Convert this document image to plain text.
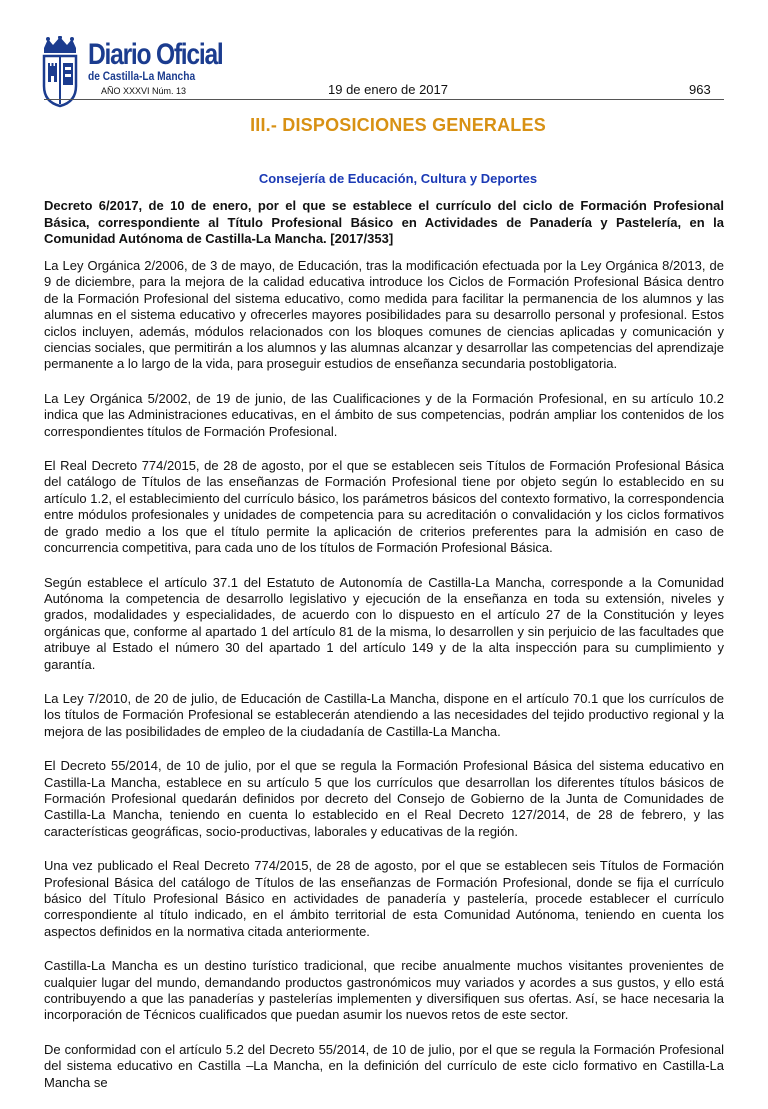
Diario Oficial
de Castilla-La Mancha
AÑO XXXVI Núm. 13	19 de enero de 2017	963
III.- DISPOSICIONES GENERALES
Consejería de Educación, Cultura y Deportes
Decreto 6/2017, de 10 de enero, por el que se establece el currículo del ciclo de Formación Profesional Básica, correspondiente al Título Profesional Básico en Actividades de Panadería y Pastelería, en la Comunidad Autónoma de Castilla-La Mancha. [2017/353]

La Ley Orgánica 2/2006, de 3 de mayo, de Educación, tras la modificación efectuada por la Ley Orgánica 8/2013, de 9 de diciembre, para la mejora de la calidad educativa introduce los Ciclos de Formación Profesional Básica dentro de la Formación Profesional del sistema educativo, como medida para facilitar la permanencia de los alumnos y las alumnas en el sistema educativo y ofrecerles mayores posibilidades para su desarrollo personal y profesional. Estos ciclos incluyen, además, módulos relacionados con los bloques comunes de ciencias aplicadas y comunicación y ciencias sociales, que permitirán a los alumnos y las alumnas alcanzar y desarrollar las competencias del aprendizaje permanente a lo largo de la vida, para proseguir estudios de enseñanza secundaria postobligatoria.

La Ley Orgánica 5/2002, de 19 de junio, de las Cualificaciones y de la Formación Profesional, en su artículo 10.2 indica que las Administraciones educativas, en el ámbito de sus competencias, podrán ampliar los contenidos de los correspondientes títulos de Formación Profesional.

El Real Decreto 774/2015, de 28 de agosto, por el que se establecen seis Títulos de Formación Profesional Básica del catálogo de Títulos de las enseñanzas de Formación Profesional tiene por objeto según lo establecido en su artículo 1.2, el establecimiento del currículo básico, los parámetros básicos del contexto formativo, la correspondencia entre módulos profesionales y unidades de competencia para su acreditación o convalidación y los ciclos formativos de grado medio a los que el título permite la aplicación de criterios preferentes para la admisión en caso de concurrencia competitiva, para cada uno de los títulos de Formación Profesional Básica.

Según establece el artículo 37.1 del Estatuto de Autonomía de Castilla-La Mancha, corresponde a la Comunidad Autónoma la competencia de desarrollo legislativo y ejecución de la enseñanza en toda su extensión, niveles y grados, modalidades y especialidades, de acuerdo con lo dispuesto en el artículo 27 de la Constitución y leyes orgánicas que, conforme al apartado 1 del artículo 81 de la misma, lo desarrollen y sin perjuicio de las facultades que atribuye al Estado el número 30 del apartado 1 del artículo 149 y de la alta inspección para su cumplimiento y garantía.

La Ley 7/2010, de 20 de julio, de Educación de Castilla-La Mancha, dispone en el artículo 70.1 que los currículos de los títulos de Formación Profesional se establecerán atendiendo a las necesidades del tejido productivo regional y la mejora de las posibilidades de empleo de la ciudadanía de Castilla-La Mancha.

El Decreto 55/2014, de 10 de julio, por el que se regula la Formación Profesional Básica del sistema educativo en Castilla-La Mancha, establece en su artículo 5 que los currículos que desarrollan los diferentes títulos básicos de Formación Profesional quedarán definidos por decreto del Consejo de Gobierno de la Junta de Comunidades de Castilla-La Mancha, teniendo en cuenta lo establecido en el Real Decreto 127/2014, de 28 de febrero, y las características geográficas, socio-productivas, laborales y educativas de la región.

Una vez publicado el Real Decreto 774/2015, de 28 de agosto, por el que se establecen seis Títulos de Formación Profesional Básica del catálogo de Títulos de las enseñanzas de Formación Profesional, donde se fija el currículo básico del Título Profesional Básico en actividades de panadería y pastelería, procede establecer el currículo correspondiente al título indicado, en el ámbito territorial de esta Comunidad Autónoma, teniendo en cuenta los aspectos definidos en la normativa citada anteriormente.

Castilla-La Mancha es un destino turístico tradicional, que recibe anualmente muchos visitantes provenientes de cualquier lugar del mundo, demandando productos gastronómicos muy variados y acordes a sus gustos, y ello está contribuyendo a que las panaderías y pastelerías implementen y diversifiquen sus ofertas. Así, se hace necesaria la incorporación de Técnicos cualificados que puedan asumir los nuevos retos de este sector.

De conformidad con el artículo 5.2 del Decreto 55/2014, de 10 de julio, por el que se regula la Formación Profesional del sistema educativo en Castilla –La Mancha, en la definición del currículo de este ciclo formativo en Castilla-La Mancha se
